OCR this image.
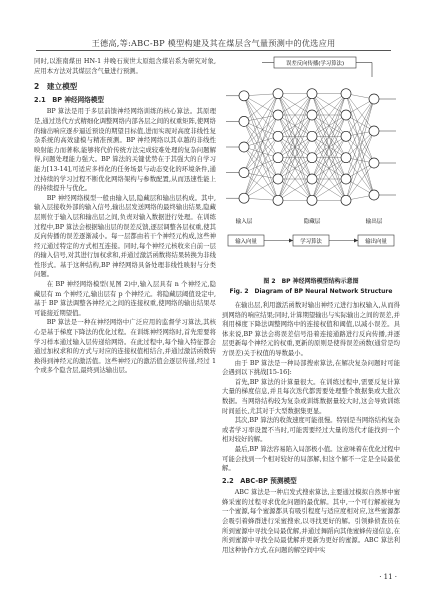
王德高,等:ABC-BP 模型构建及其在煤层含气量预测中的优选应用

同时,以淮南煤田 HN-1 井晚石炭世太原组含煤岩系为研究对象,应用本方法对其煤层含气量进行预测。

2　建立模型
2.1　BP 神经网络模型

BP 算法是用于多层前馈神经网络训练的核心算法。其原理是,通过迭代方式精细化调整网络内部各层之间的权重矩阵,使网络的输出响应逐步逼近预设的期望目标值,进而实现对高度非线性复杂系统的高效建模与精准预测。BP 神经网络以其卓越的非线性映射能力而著称,能够将代价传统方法完成较难处理的复杂问题解得,问题处理能力强大。BP 算法的关键优势在于其强大的自学习能力[13-14],可适应多样化的任务场景与动态变化的环境条件,通过持续的学习过程不断优化网络架构与参数配置,从而迅速性能上的持续提升与优化。

BP 神经网络模型一般由输入层,隐藏层和输出层构成。其中,输入层接收外部的输入信号,输出层发送网络的最终输出结果,隐藏层则位于输入层和输出层之间,负责对输入数据进行处理。在训练过程中,BP 算法会根据输出层的误差反馈,逐层调整各层权重,使其反向传播的误差逐渐减小。每一层都由若干个神经元构成,这些神经元通过特定的方式相互连接。同时,每个神经元核收来自前一层的输入信号,对其进行加权求和,并通过激活函数将结果转换为非线性形式。基于这种结构,BP 神经网络具备处理非线性映射与分类问题。

在 BP 神经网络模型(见图 2)中,输入层具有 n 个神经元,隐藏层有 m 个神经元,输出层有 p 个神经元。将隐藏层阈值设定中,基于 BP 算法调整各神经元之间的连接权重,使网络的输出结果尽可能接近期望值。

BP 算法是一种在神经网络中广泛应用的监督学习算法,其核心是基于梯度下降法的优化过程。在训练神经网络时,首先需要将学习样本通过输入层传递给网络。在此过程中,每个输入特征都会通过加权求和的方式与对应的连接权值相结合,并通过激活函数转换得到神经元的激活值。这些神经元的激活值会逐层传递,经过 1 个或多个隐含层,最终到达输出层。

误差反向传播(学习算法)
输入层	隐藏层	输出层
输入向量	学习算法	输出向量
图 2　BP 神经网络模型结构示意图
Fig. 2　Diagram of BP Neural Network Structure

在输出层,利用激活函数对输出神经元进行加权输入,从而得到网络的响应结果;同时,计算期望输出与实际输出之间的误差,并利用梯度下降法调整网络中的连接权值和阈值,以减小误差。具体来说,BP 算法会将误差信号沿着连接通路进行反向传播,并逐层更新每个神经元的权重,更新的原则是使得误差函数(通常是均方误差)关于权值的导数最小。

由于 BP 算法是一种局部搜索算法,在解决复杂问题时可能会遇到以下挑战[15-16]:

首先,BP 算法的计算量很大。在训练过程中,需要反复计算大量的梯度信息,并且每次迭代都需要处理整个数据集或大批次数据。当网络结构较为复杂或训练数据量较大时,这会导致训练时间延长,尤其对于大型数据集更显。

其次,BP 算法的收敛速度可能很慢。特别是当网络结构复杂或者学习率设置不当时,可能需要经过大量的迭代才能找到一个相对较好的解。

最后,BP 算法容易陷入局部极小值。这意味着在优化过程中可能会找到一个相对较好的局部解,但这个解不一定是全局最优解。

2.2　ABC-BP 预测模型

ABC 算法是一种启发式搜索算法,主要通过模拟自然界中蜜蜂采蜜的过程寻求优化问题的最优解。其中,一个可行解被视为一个蜜源,每个蜜源都具有吸引程度与适应度相对应,这些蜜源都会吸引着蜂群进行采蜜搜索,以寻找更好的解。引领蜂侦查员在所到蜜源中寻找全局最优解,并通过舞蹈向其他蜜蜂传递信息,在所到蜜源中寻找全局最优解并更新为更好的蜜源。ABC 算法利用这种协作方式,在问题的解空间中实

· 11 ·
